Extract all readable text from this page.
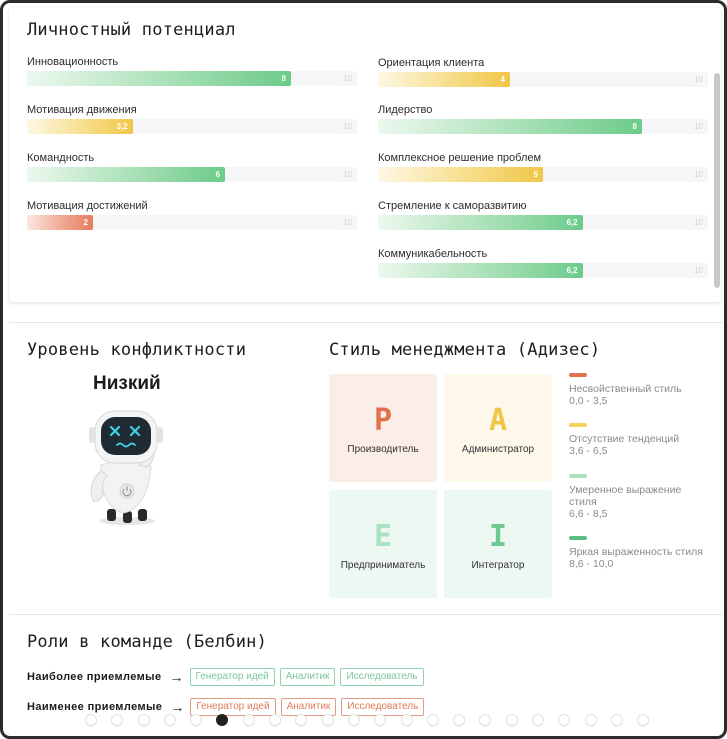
Личностный потенциал
Инновационность
8	10
Мотивация движения
3,2	10
Командность
6	10
Мотивация достижений
2	10
Ориентация клиента
4	10
Лидерство
8	10
Комплексное решение проблем
5	10
Стремление к саморазвитию
6,2	10
Коммуникабельность
6,2	10
Уровень конфликтности
Низкий
Стиль менеджмента (Адизес)
P
Производитель
A
Администратор
E
Предприниматель
I
Интегратор
Несвойственный стиль
0,0 - 3,5
Отсутствие тенденций
3,6 - 6,5
Умеренное выражение стиля
6,6 - 8,5
Яркая выраженность стиля
8,6 - 10,0
Роли в команде (Белбин)
Наиболее приемлемые →	Генератор идей	Аналитик	Исследователь
Наименее приемлемые →	Генератор идей	Аналитик	Исследователь
